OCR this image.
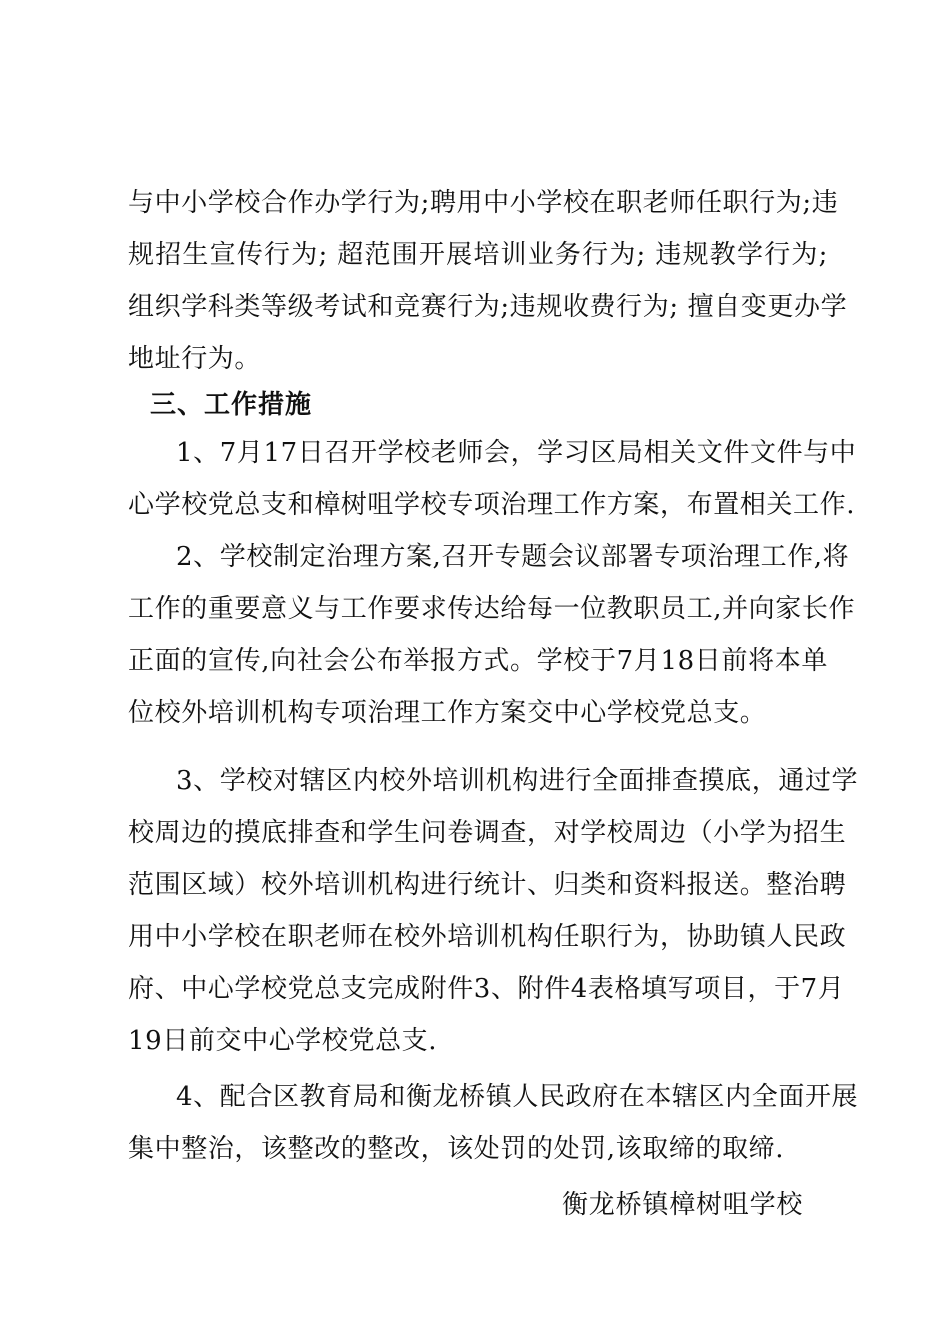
与中小学校合作办学行为;聘用中小学校在职老师任职行为;违
规招生宣传行为; 超范围开展培训业务行为; 违规教学行为;
组织学科类等级考试和竞赛行为;违规收费行为; 擅自变更办学
地址行为。
三、工作措施
1、7月17日召开学校老师会，学习区局相关文件文件与中
心学校党总支和樟树咀学校专项治理工作方案，布置相关工作.
2、学校制定治理方案,召开专题会议部署专项治理工作,将
工作的重要意义与工作要求传达给每一位教职员工,并向家长作
正面的宣传,向社会公布举报方式。学校于7月18日前将本单
位校外培训机构专项治理工作方案交中心学校党总支。
3、学校对辖区内校外培训机构进行全面排查摸底，通过学
校周边的摸底排查和学生问卷调查，对学校周边（小学为招生
范围区域）校外培训机构进行统计、归类和资料报送。整治聘
用中小学校在职老师在校外培训机构任职行为，协助镇人民政
府、中心学校党总支完成附件3、附件4表格填写项目，于7月
19日前交中心学校党总支.
4、配合区教育局和衡龙桥镇人民政府在本辖区内全面开展
集中整治，该整改的整改，该处罚的处罚,该取缔的取缔.
衡龙桥镇樟树咀学校
